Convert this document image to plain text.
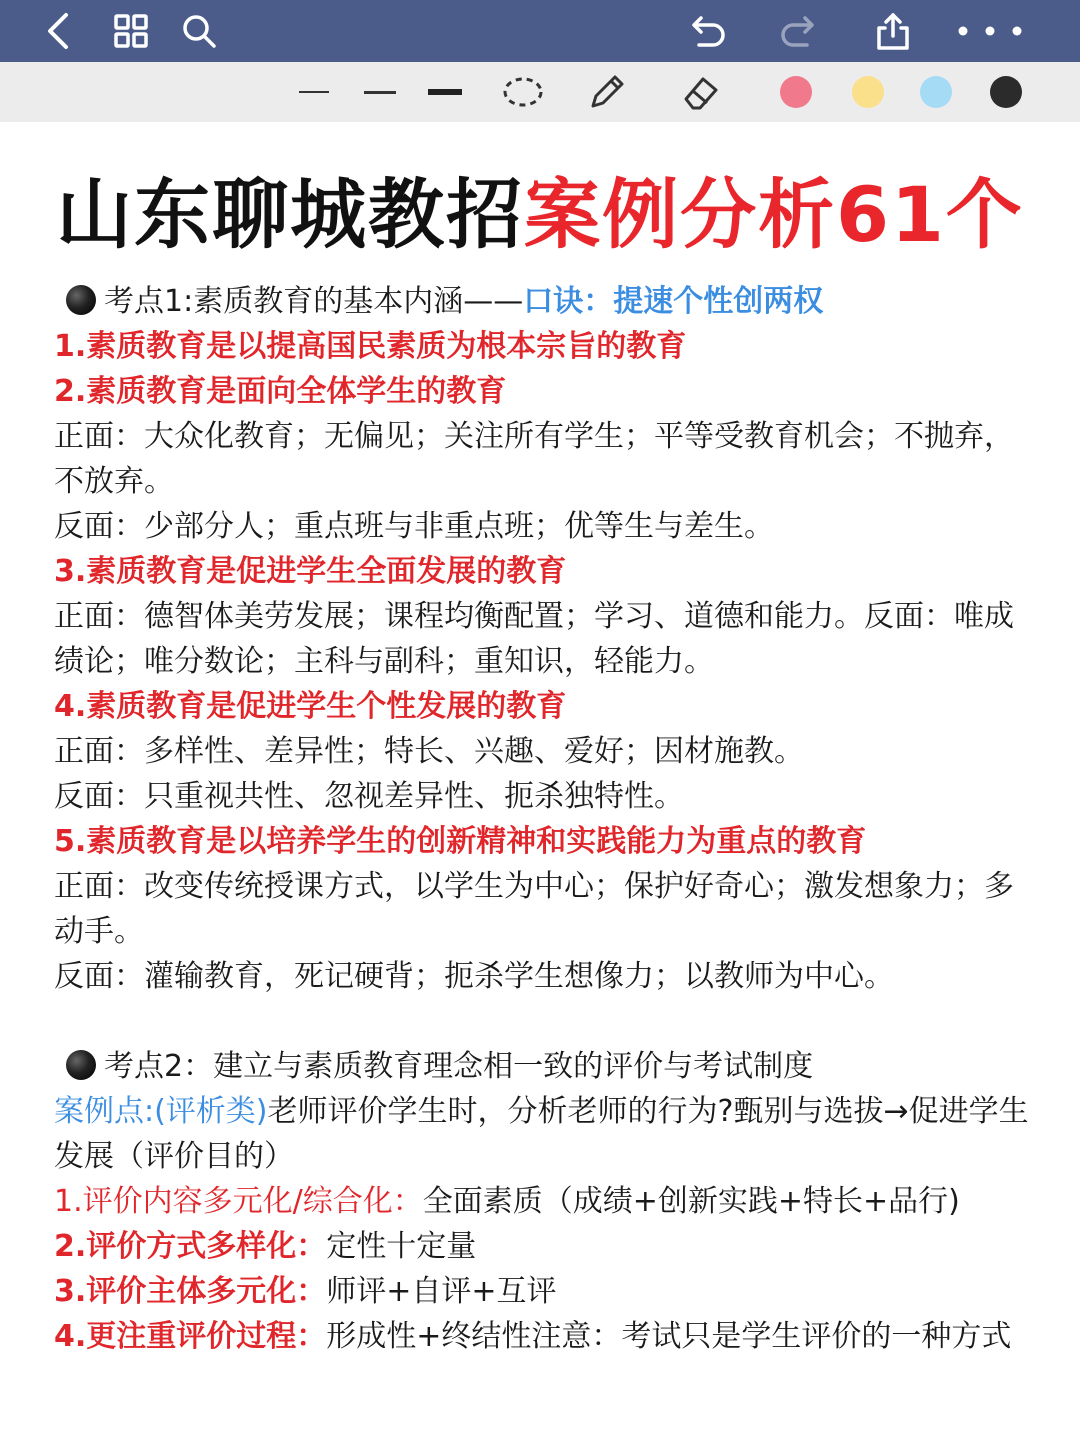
山东聊城教招案例分析61个

考点1:素质教育的基本内涵——口诀：提速个性创两权

1.素质教育是以提高国民素质为根本宗旨的教育

2.素质教育是面向全体学生的教育

正面：大众化教育；无偏见；关注所有学生；平等受教育机会；不抛弃，不放弃。

反面：少部分人；重点班与非重点班；优等生与差生。

3.素质教育是促进学生全面发展的教育

正面：德智体美劳发展；课程均衡配置；学习、道德和能力。反面：唯成绩论；唯分数论；主科与副科；重知识，轻能力。

4.素质教育是促进学生个性发展的教育

正面：多样性、差异性；特长、兴趣、爱好；因材施教。

反面：只重视共性、忽视差异性、扼杀独特性。

5.素质教育是以培养学生的创新精神和实践能力为重点的教育

正面：改变传统授课方式，以学生为中心；保护好奇心；激发想象力；多动手。

反面：灌输教育，死记硬背；扼杀学生想像力；以教师为中心。

考点2：建立与素质教育理念相一致的评价与考试制度

案例点:(评析类)老师评价学生时，分析老师的行为?甄别与选拔→促进学生发展（评价目的）

1.评价内容多元化/综合化：全面素质（成绩+创新实践+特长+品行)

2.评价方式多样化：定性十定量

3.评价主体多元化：师评+自评+互评

4.更注重评价过程：形成性+终结性注意：考试只是学生评价的一种方式
